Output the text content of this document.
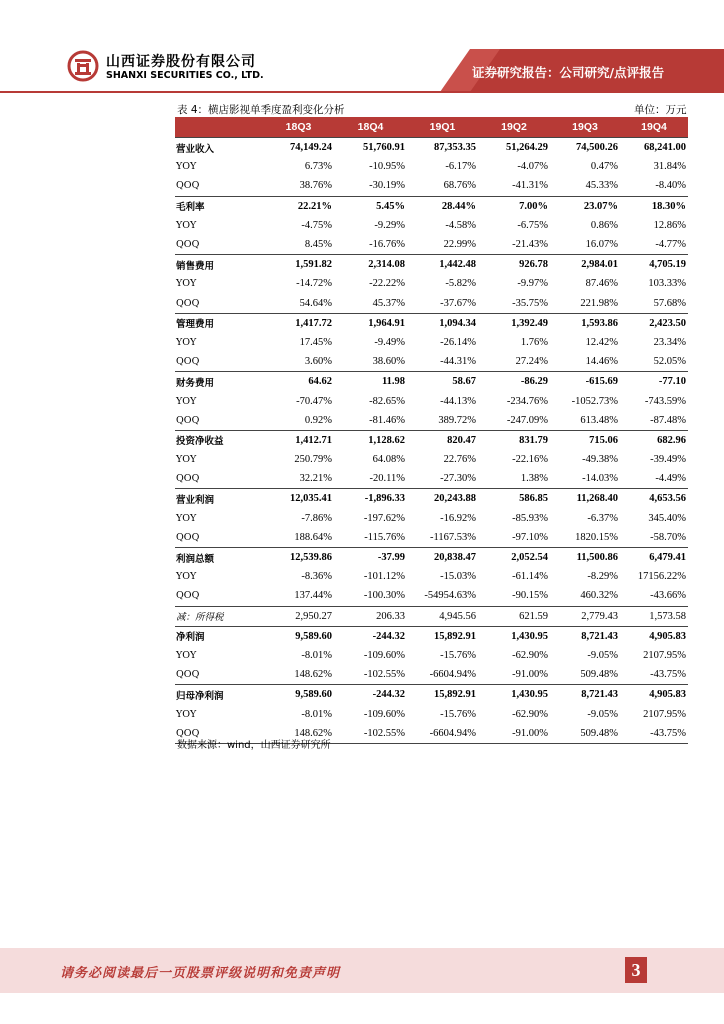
山西证券股份有限公司
SHANXI SECURITIES CO., LTD.	证券研究报告：公司研究/点评报告
表 4：横店影视单季度盈利变化分析	单位：万元
	18Q3	18Q4	19Q1	19Q2	19Q3	19Q4
营业收入	74,149.24	51,760.91	87,353.35	51,264.29	74,500.26	68,241.00
YOY	6.73%	-10.95%	-6.17%	-4.07%	0.47%	31.84%
QOQ	38.76%	-30.19%	68.76%	-41.31%	45.33%	-8.40%
毛利率	22.21%	5.45%	28.44%	7.00%	23.07%	18.30%
YOY	-4.75%	-9.29%	-4.58%	-6.75%	0.86%	12.86%
QOQ	8.45%	-16.76%	22.99%	-21.43%	16.07%	-4.77%
销售费用	1,591.82	2,314.08	1,442.48	926.78	2,984.01	4,705.19
YOY	-14.72%	-22.22%	-5.82%	-9.97%	87.46%	103.33%
QOQ	54.64%	45.37%	-37.67%	-35.75%	221.98%	57.68%
管理费用	1,417.72	1,964.91	1,094.34	1,392.49	1,593.86	2,423.50
YOY	17.45%	-9.49%	-26.14%	1.76%	12.42%	23.34%
QOQ	3.60%	38.60%	-44.31%	27.24%	14.46%	52.05%
财务费用	64.62	11.98	58.67	-86.29	-615.69	-77.10
YOY	-70.47%	-82.65%	-44.13%	-234.76%	-1052.73%	-743.59%
QOQ	0.92%	-81.46%	389.72%	-247.09%	613.48%	-87.48%
投资净收益	1,412.71	1,128.62	820.47	831.79	715.06	682.96
YOY	250.79%	64.08%	22.76%	-22.16%	-49.38%	-39.49%
QOQ	32.21%	-20.11%	-27.30%	1.38%	-14.03%	-4.49%
营业利润	12,035.41	-1,896.33	20,243.88	586.85	11,268.40	4,653.56
YOY	-7.86%	-197.62%	-16.92%	-85.93%	-6.37%	345.40%
QOQ	188.64%	-115.76%	-1167.53%	-97.10%	1820.15%	-58.70%
利润总额	12,539.86	-37.99	20,838.47	2,052.54	11,500.86	6,479.41
YOY	-8.36%	-101.12%	-15.03%	-61.14%	-8.29%	17156.22%
QOQ	137.44%	-100.30%	-54954.63%	-90.15%	460.32%	-43.66%
减：所得税	2,950.27	206.33	4,945.56	621.59	2,779.43	1,573.58
净利润	9,589.60	-244.32	15,892.91	1,430.95	8,721.43	4,905.83
YOY	-8.01%	-109.60%	-15.76%	-62.90%	-9.05%	2107.95%
QOQ	148.62%	-102.55%	-6604.94%	-91.00%	509.48%	-43.75%
归母净利润	9,589.60	-244.32	15,892.91	1,430.95	8,721.43	4,905.83
YOY	-8.01%	-109.60%	-15.76%	-62.90%	-9.05%	2107.95%
QOQ	148.62%	-102.55%	-6604.94%	-91.00%	509.48%	-43.75%
数据来源：wind，山西证券研究所
请务必阅读最后一页股票评级说明和免责声明	3
